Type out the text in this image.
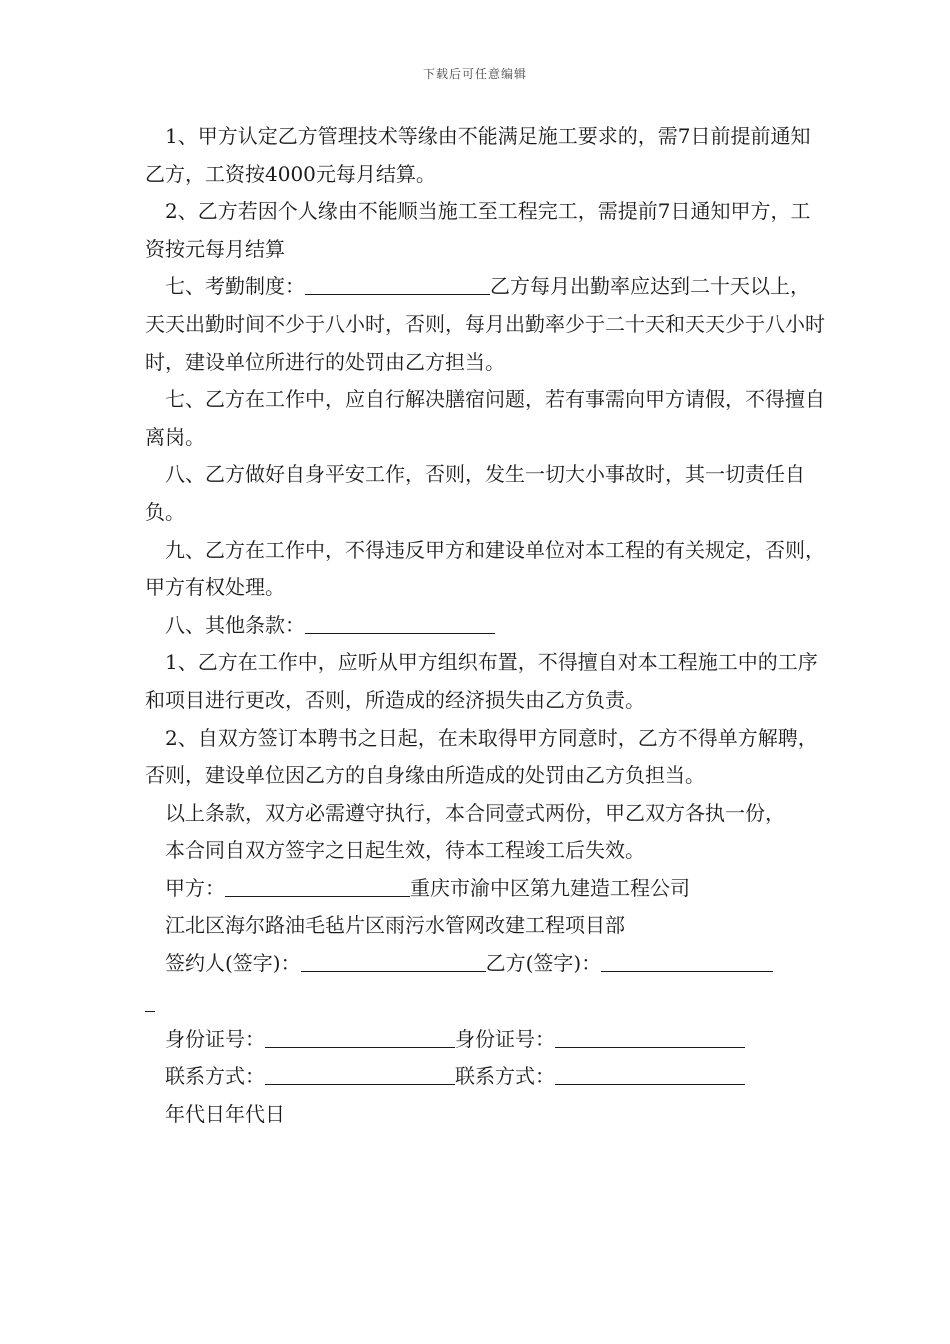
下载后可任意编辑

1、甲方认定乙方管理技术等缘由不能满足施工要求的，需7日前提前通知乙方，工资按4000元每月结算。

2、乙方若因个人缘由不能顺当施工至工程完工，需提前7日通知甲方，工资按元每月结算

七、考勤制度：	乙方每月出勤率应达到二十天以上，天天出勤时间不少于八小时，否则，每月出勤率少于二十天和天天少于八小时时，建设单位所进行的处罚由乙方担当。

七、乙方在工作中，应自行解决膳宿问题，若有事需向甲方请假，不得擅自离岗。

八、乙方做好自身平安工作，否则，发生一切大小事故时，其一切责任自负。

九、乙方在工作中，不得违反甲方和建设单位对本工程的有关规定，否则，甲方有权处理。

八、其他条款：

1、乙方在工作中，应听从甲方组织布置，不得擅自对本工程施工中的工序和项目进行更改，否则，所造成的经济损失由乙方负责。

2、自双方签订本聘书之日起，在未取得甲方同意时，乙方不得单方解聘，否则，建设单位因乙方的自身缘由所造成的处罚由乙方负担当。

以上条款，双方必需遵守执行，本合同壹式两份，甲乙双方各执一份，

本合同自双方签字之日起生效，待本工程竣工后失效。

甲方：	重庆市渝中区第九建造工程公司

江北区海尔路油毛毡片区雨污水管网改建工程项目部

签约人(签字)：	乙方(签字)：

身份证号：	身份证号：

联系方式：	联系方式：

年代日年代日
